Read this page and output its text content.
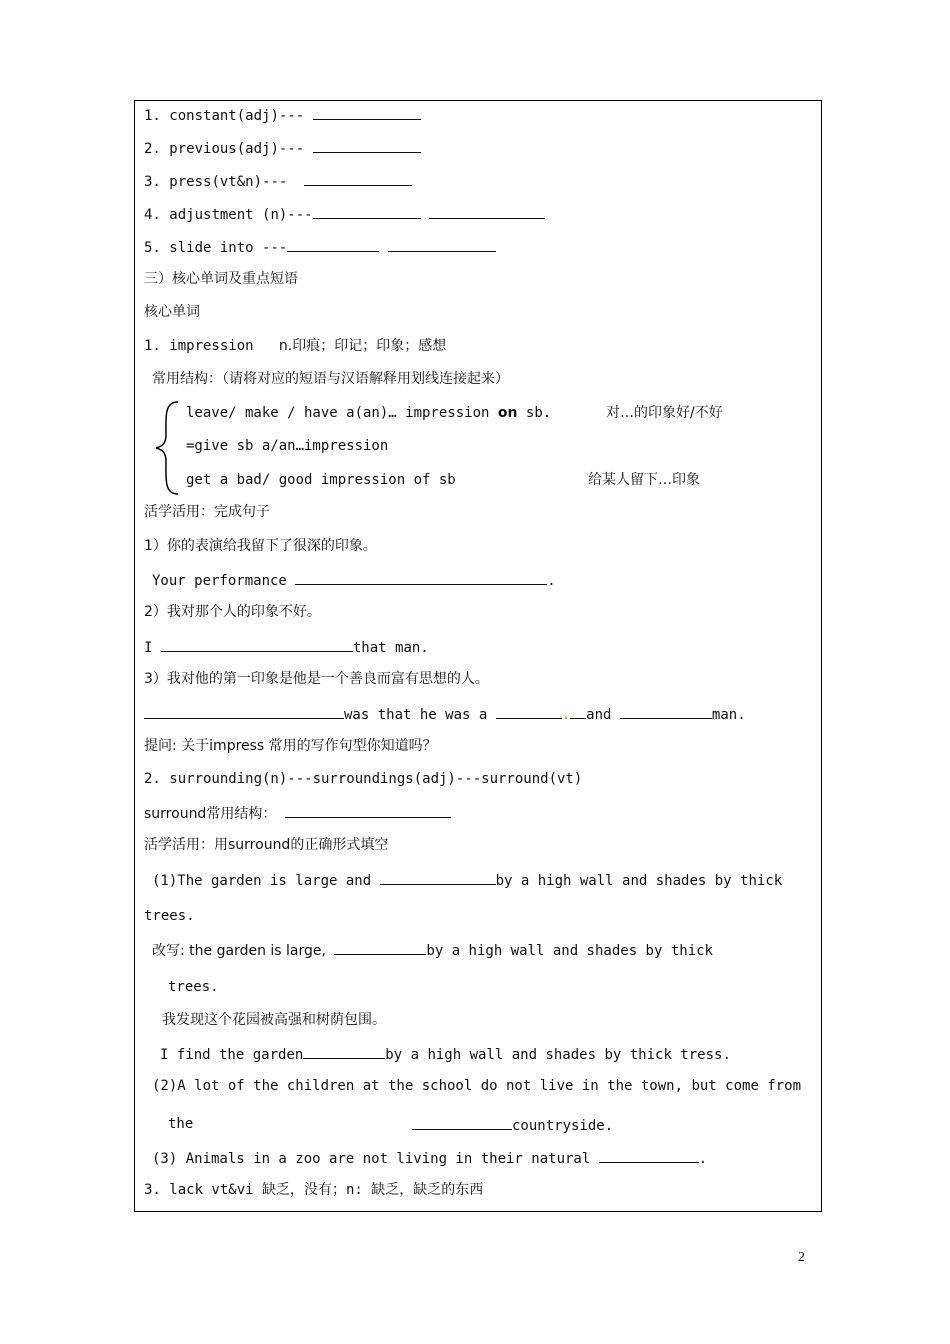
1. constant(adj)---
2. previous(adj)---
3. press(vt&n)---
4. adjustment (n)---
5. slide into ---
三）核心单词及重点短语
核心单词
1. impression n.印痕；印记；印象；感想
常用结构：（请将对应的短语与汉语解释用划线连接起来）
leave/ make / have a(an)… impression on sb.	对…的印象好/不好
=give sb a/an…impression
get a bad/ good impression of sb	给某人留下…印象
活学活用：完成句子
1）你的表演给我留下了很深的印象。
Your performance	.
2）我对那个人的印象不好。
I	that man.
3）我对他的第一印象是他是一个善良而富有思想的人。
was that he was a	. and	man.
提问: 关于impress 常用的写作句型你知道吗？
2. surrounding(n)---surroundings(adj)---surround(vt)
surround常用结构：
活学活用：用surround的正确形式填空
(1)The garden is large and	by a high wall and shades by thick
trees.
改写: the garden is large,	by a high wall and shades by thick
trees.
我发现这个花园被高强和树荫包围。
I find the garden	by a high wall and shades by thick tress.
(2)A lot of the children at the school do not live in the town, but come from
the	countryside.
(3) Animals in a zoo are not living in their natural	.
3. lack vt&vi 缺乏，没有；n: 缺乏，缺乏的东西
2
